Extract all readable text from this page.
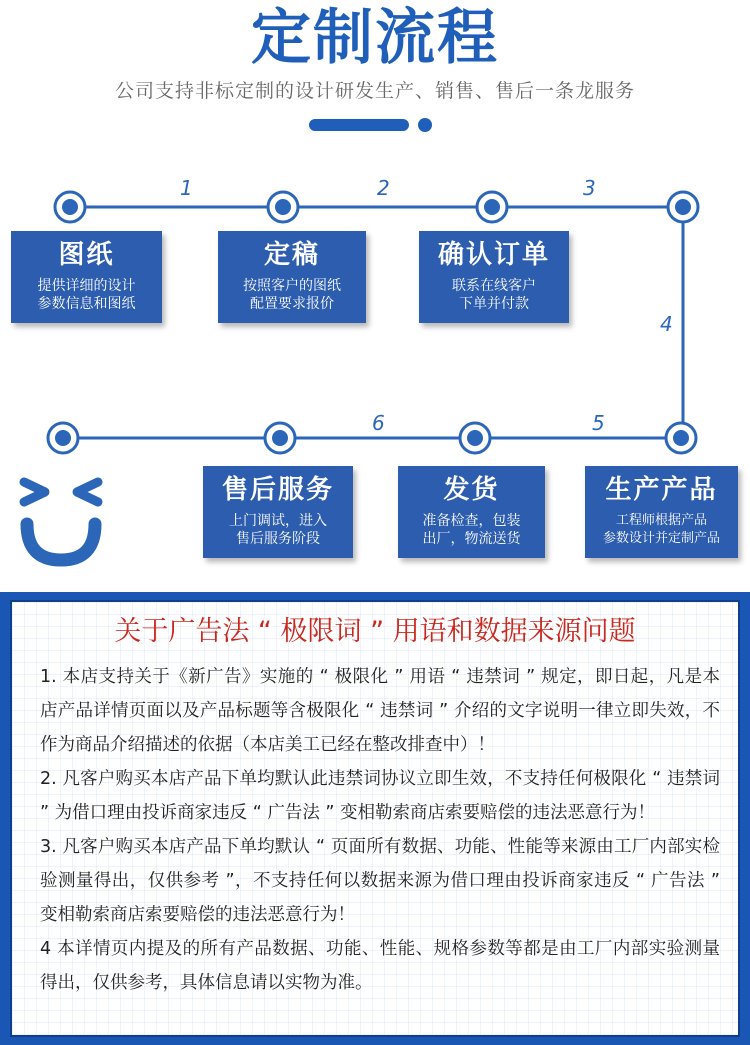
定制流程
公司支持非标定制的设计研发生产、销售、售后一条龙服务
1	2	3
4
5
6
图纸
提供详细的设计
参数信息和图纸
定稿
按照客户的图纸
配置要求报价
确认订单
联系在线客户
下单并付款
生产产品
工程师根据产品
参数设计并定制产品
发货
准备检查，包装
出厂，物流送货
售后服务
上门调试，进入
售后服务阶段
关于广告法 “ 极限词 ” 用语和数据来源问题

1. 本店支持关于《新广告》实施的 “ 极限化 ” 用语 “ 违禁词 ” 规定，即日起，凡是本店产品详情页面以及产品标题等含极限化 “ 违禁词 ” 介绍的文字说明一律立即失效，不作为商品介绍描述的依据（本店美工已经在整改排查中）！

2. 凡客户购买本店产品下单均默认此违禁词协议立即生效，不支持任何极限化 “ 违禁词 ” 为借口理由投诉商家违反 “ 广告法 ” 变相勒索商店索要赔偿的违法恶意行为！

3. 凡客户购买本店产品下单均默认 “ 页面所有数据、功能、性能等来源由工厂内部实检验测量得出，仅供参考 ”，不支持任何以数据来源为借口理由投诉商家违反 “ 广告法 ” 变相勒索商店索要赔偿的违法恶意行为！

4 本详情页内提及的所有产品数据、功能、性能、规格参数等都是由工厂内部实验测量得出，仅供参考，具体信息请以实物为准。
